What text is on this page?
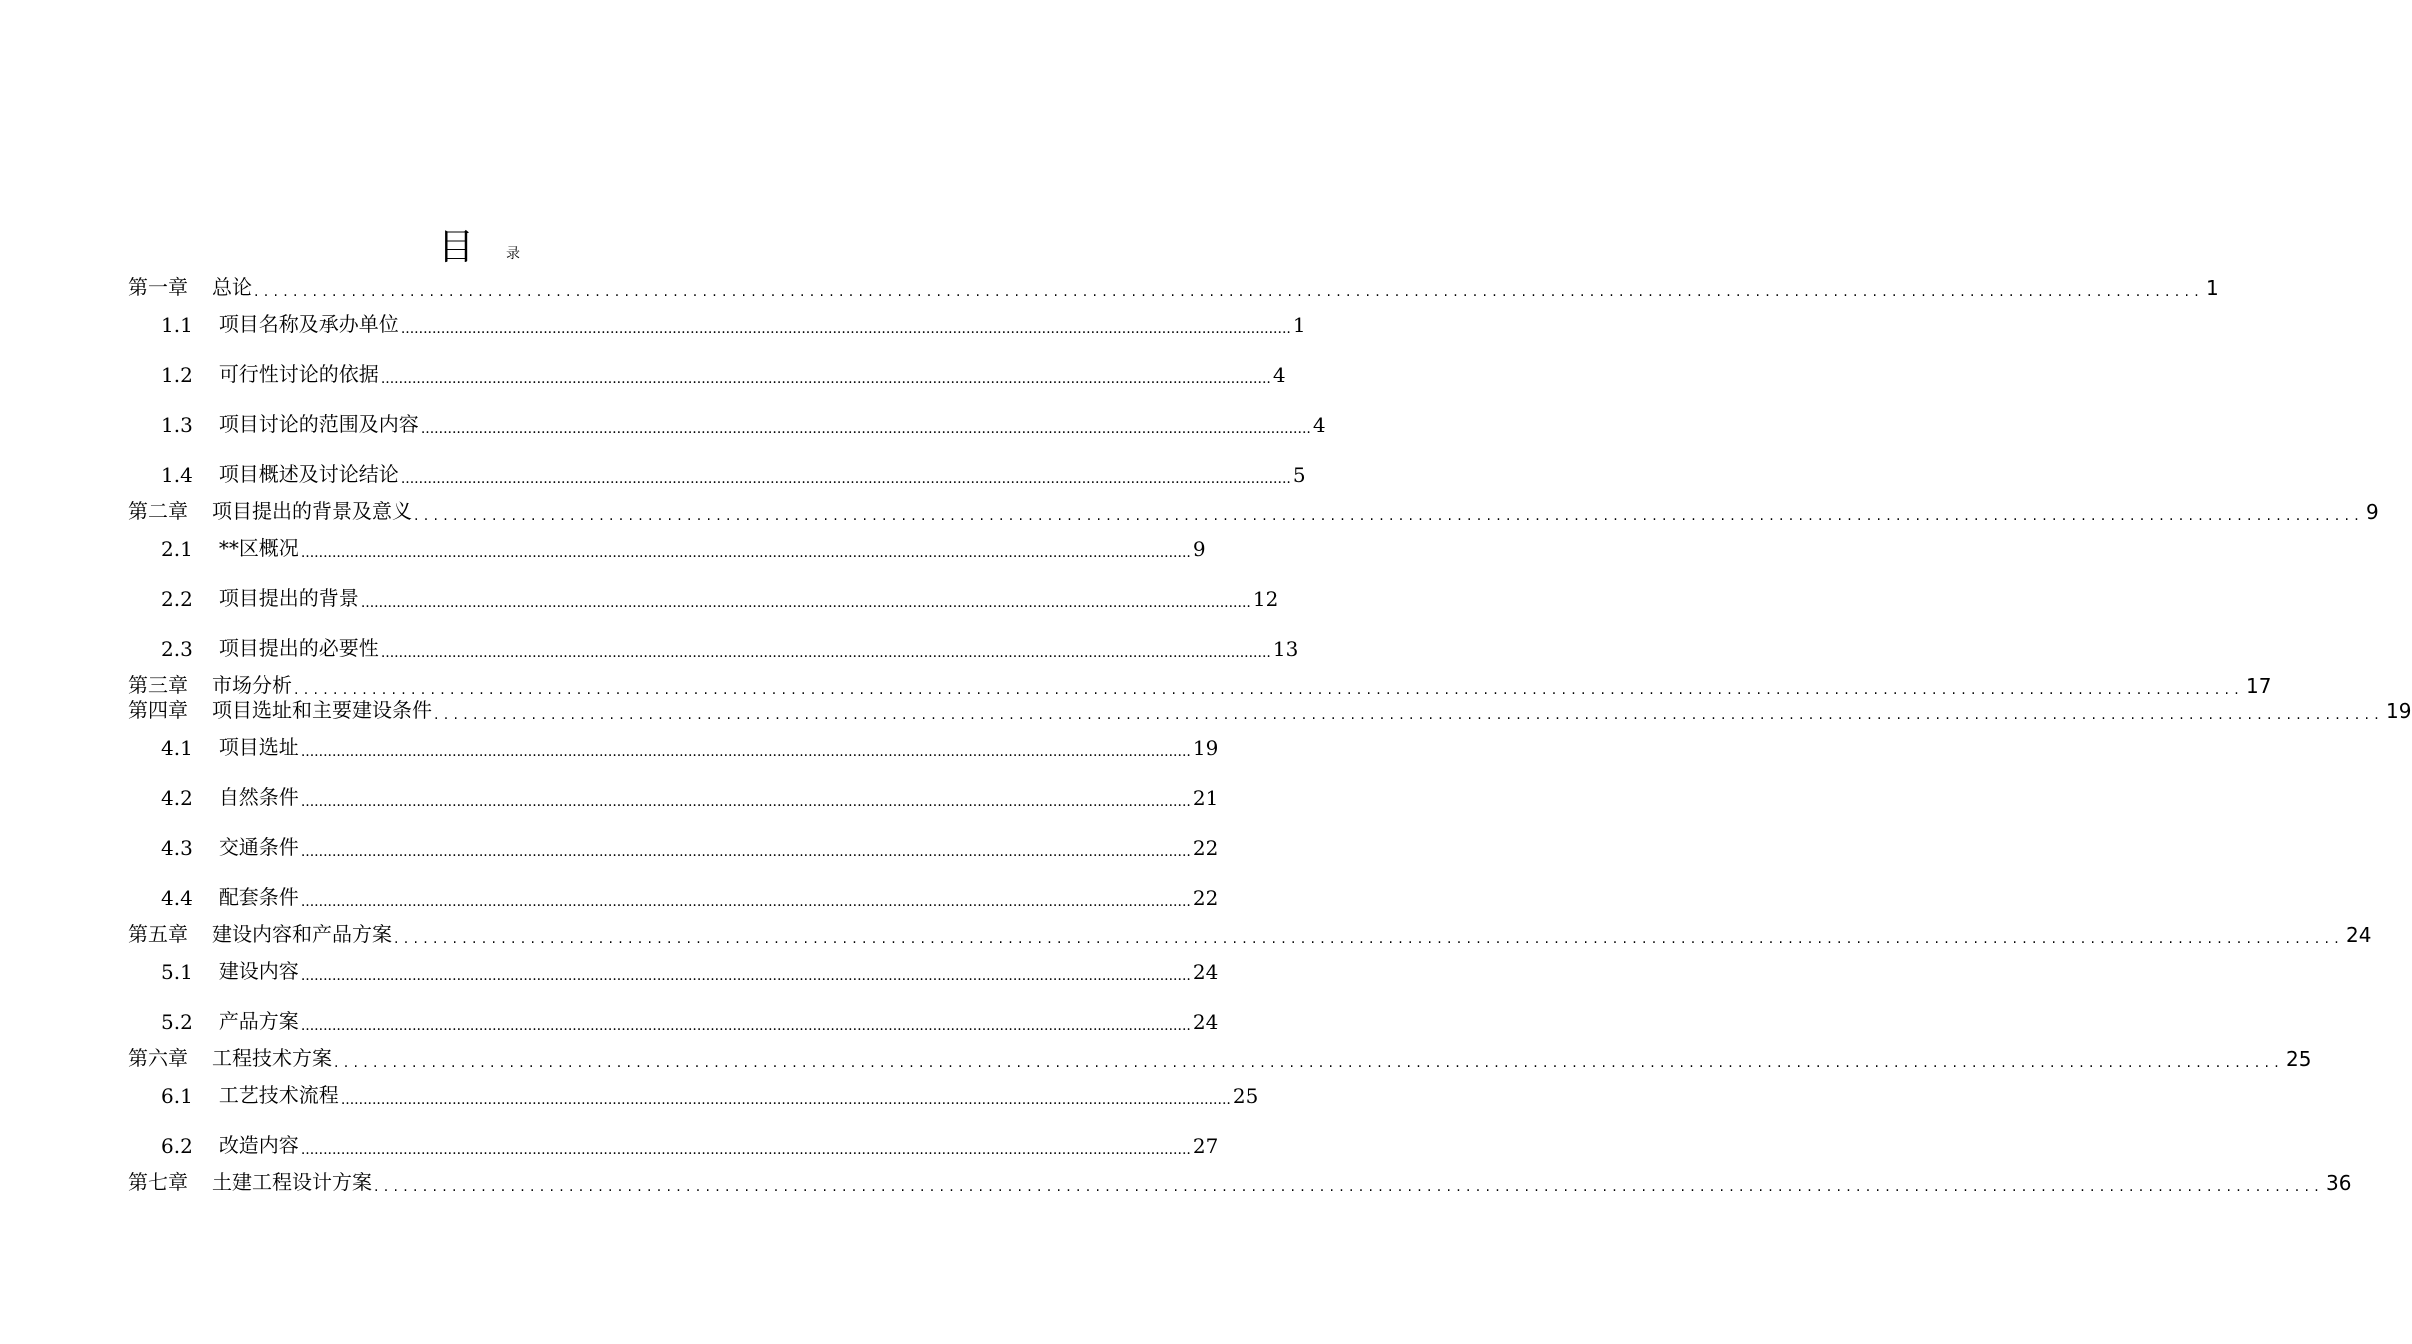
目 录
第一章 总论 ........................................................................................................................................................................................................ 1
1.1 项目名称及承办单位 ........................................................................................................................................................................................................ 1
1.2 可行性讨论的依据 ........................................................................................................................................................................................................ 4
1.3 项目讨论的范围及内容 ........................................................................................................................................................................................................ 4
1.4 项目概述及讨论结论 ........................................................................................................................................................................................................ 5
第二章 项目提出的背景及意义 ........................................................................................................................................................................................................ 9
2.1 **区概况 ........................................................................................................................................................................................................ 9
2.2 项目提出的背景 ........................................................................................................................................................................................................ 12
2.3 项目提出的必要性 ........................................................................................................................................................................................................ 13
第三章 市场分析 ........................................................................................................................................................................................................ 17
第四章 项目选址和主要建设条件 ........................................................................................................................................................................................................ 19
4.1 项目选址 ........................................................................................................................................................................................................ 19
4.2 自然条件 ........................................................................................................................................................................................................ 21
4.3 交通条件 ........................................................................................................................................................................................................ 22
4.4 配套条件 ........................................................................................................................................................................................................ 22
第五章 建设内容和产品方案 ........................................................................................................................................................................................................ 24
5.1 建设内容 ........................................................................................................................................................................................................ 24
5.2 产品方案 ........................................................................................................................................................................................................ 24
第六章 工程技术方案 ........................................................................................................................................................................................................ 25
6.1 工艺技术流程 ........................................................................................................................................................................................................ 25
6.2 改造内容 ........................................................................................................................................................................................................ 27
第七章 土建工程设计方案 ........................................................................................................................................................................................................ 36
